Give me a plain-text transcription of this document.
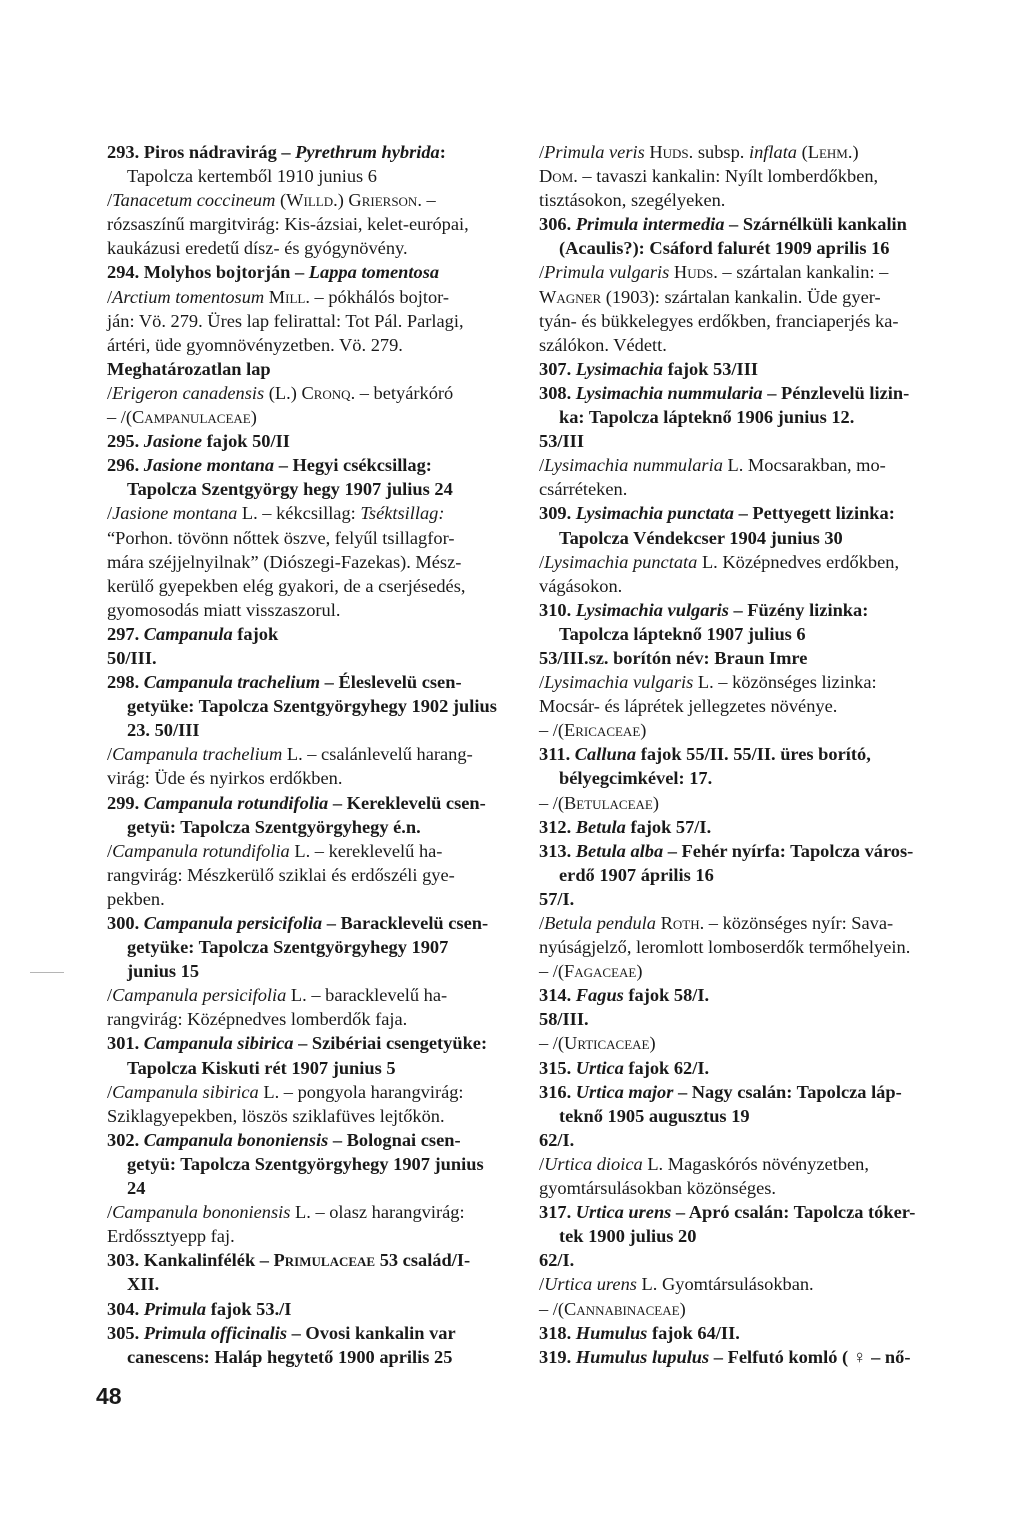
293. Piros nádravirág – Pyrethrum hybrida:
Tapolcza kertemből 1910 junius 6
/Tanacetum coccineum (Willd.) Grierson. –
rózsaszínű margitvirág: Kis-ázsiai, kelet-európai,
kaukázusi eredetű dísz- és gyógynövény.
294. Molyhos bojtorján – Lappa tomentosa
/Arctium tomentosum Mill. – pókhálós bojtor-
ján: Vö. 279. Üres lap felirattal: Tot Pál. Parlagi,
ártéri, üde gyomnövényzetben. Vö. 279.
Meghatározatlan lap
/Erigeron canadensis (L.) Cronq. – betyárkóró
– /(Campanulaceae)
295. Jasione fajok 50/II
296. Jasione montana – Hegyi csékcsillag:
Tapolcza Szentgyörgy hegy 1907 julius 24
/Jasione montana L. – kékcsillag: Tséktsillag:
“Porhon. tövönn nőttek öszve, felyűl tsillagfor-
mára széjjelnyilnak” (Diószegi-Fazekas). Mész-
kerülő gyepekben elég gyakori, de a cserjésedés,
gyomosodás miatt visszaszorul.
297. Campanula fajok
50/III.
298. Campanula trachelium – Éleslevelü csen-
getyüke: Tapolcza Szentgyörgyhegy 1902 julius
23. 50/III
/Campanula trachelium L. – csalánlevelű harang-
virág: Üde és nyirkos erdőkben.
299. Campanula rotundifolia – Kereklevelü csen-
getyü: Tapolcza Szentgyörgyhegy é.n.
/Campanula rotundifolia L. – kereklevelű ha-
rangvirág: Mészkerülő sziklai és erdőszéli gye-
pekben.
300. Campanula persicifolia – Baracklevelü csen-
getyüke: Tapolcza Szentgyörgyhegy 1907
junius 15
/Campanula persicifolia L. – baracklevelű ha-
rangvirág: Középnedves lomberdők faja.
301. Campanula sibirica – Szibériai csengetyüke:
Tapolcza Kiskuti rét 1907 junius 5
/Campanula sibirica L. – pongyola harangvirág:
Sziklagyepekben, löszös sziklafüves lejtőkön.
302. Campanula bononiensis – Bolognai csen-
getyü: Tapolcza Szentgyörgyhegy 1907 junius
24
/Campanula bononiensis L. – olasz harangvirág:
Erdőssztyepp faj.
303. Kankalinfélék – Primulaceae 53 család/I-
XII.
304. Primula fajok 53./I
305. Primula officinalis – Ovosi kankalin var
canescens: Haláp hegytető 1900 aprilis 25
/Primula veris Huds. subsp. inflata (Lehm.)
Dom. – tavaszi kankalin: Nyílt lomberdőkben,
tisztásokon, szegélyeken.
306. Primula intermedia – Szárnélküli kankalin
(Acaulis?): Csáford falurét 1909 aprilis 16
/Primula vulgaris Huds. – szártalan kankalin: –
Wagner (1903): szártalan kankalin. Üde gyer-
tyán- és bükkelegyes erdőkben, franciaperjés ka-
szálókon. Védett.
307. Lysimachia fajok 53/III
308. Lysimachia nummularia – Pénzlevelü lizin-
ka: Tapolcza lápteknő 1906 junius 12.
53/III
/Lysimachia nummularia L. Mocsarakban, mo-
csárréteken.
309. Lysimachia punctata – Pettyegett lizinka:
Tapolcza Véndekcser 1904 junius 30
/Lysimachia punctata L. Középnedves erdőkben,
vágásokon.
310. Lysimachia vulgaris – Füzény lizinka:
Tapolcza lápteknő 1907 julius 6
53/III.sz. borítón név: Braun Imre
/Lysimachia vulgaris L. – közönséges lizinka:
Mocsár- és láprétek jellegzetes növénye.
– /(Ericaceae)
311. Calluna fajok 55/II. 55/II. üres borító,
bélyegcimkével: 17.
– /(Betulaceae)
312. Betula fajok 57/I.
313. Betula alba – Fehér nyírfa: Tapolcza város-
erdő 1907 április 16
57/I.
/Betula pendula Roth. – közönséges nyír: Sava-
nyúságjelző, leromlott lomboserdők termőhelyein.
– /(Fagaceae)
314. Fagus fajok 58/I.
58/III.
– /(Urticaceae)
315. Urtica fajok 62/I.
316. Urtica major – Nagy csalán: Tapolcza láp-
teknő 1905 augusztus 19
62/I.
/Urtica dioica L. Magaskórós növényzetben,
gyomtársulásokban közönséges.
317. Urtica urens – Apró csalán: Tapolcza tóker-
tek 1900 julius 20
62/I.
/Urtica urens L. Gyomtársulásokban.
– /(Cannabinaceae)
318. Humulus fajok 64/II.
319. Humulus lupulus – Felfutó komló ( ♀ – nő-
48
